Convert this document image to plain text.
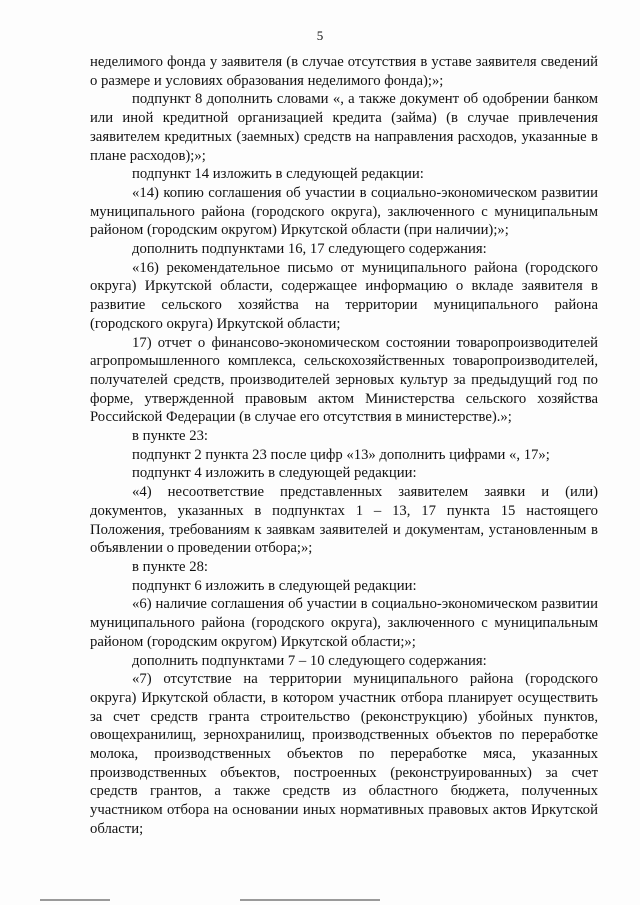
5

неделимого фонда у заявителя (в случае отсутствия в уставе заявителя сведений о размере и условиях образования неделимого фонда);»;

подпункт 8 дополнить словами «, а также документ об одобрении банком или иной кредитной организацией кредита (займа) (в случае привлечения заявителем кредитных (заемных) средств на направления расходов, указанные в плане расходов);»;

подпункт 14 изложить в следующей редакции:

«14) копию соглашения об участии в социально-экономическом развитии муниципального района (городского округа), заключенного с муниципальным районом (городским округом) Иркутской области (при наличии);»;

дополнить подпунктами 16, 17 следующего содержания:

«16) рекомендательное письмо от муниципального района (городского округа) Иркутской области, содержащее информацию о вкладе заявителя в развитие сельского хозяйства на территории муниципального района (городского округа) Иркутской области;

17) отчет о финансово-экономическом состоянии товаропроизводителей агропромышленного комплекса, сельскохозяйственных товаропроизводителей, получателей средств, производителей зерновых культур за предыдущий год по форме, утвержденной правовым актом Министерства сельского хозяйства Российской Федерации (в случае его отсутствия в министерстве).»;

в пункте 23:

подпункт 2 пункта 23 после цифр «13» дополнить цифрами «, 17»;

подпункт 4 изложить в следующей редакции:

«4) несоответствие представленных заявителем заявки и (или) документов, указанных в подпунктах 1 – 13, 17 пункта 15 настоящего Положения, требованиям к заявкам заявителей и документам, установленным в объявлении о проведении отбора;»;

в пункте 28:

подпункт 6 изложить в следующей редакции:

«6) наличие соглашения об участии в социально-экономическом развитии муниципального района (городского округа), заключенного с муниципальным районом (городским округом) Иркутской области;»;

дополнить подпунктами 7 – 10 следующего содержания:

«7) отсутствие на территории муниципального района (городского округа) Иркутской области, в котором участник отбора планирует осуществить за счет средств гранта строительство (реконструкцию) убойных пунктов, овощехранилищ, зернохранилищ, производственных объектов по переработке молока, производственных объектов по переработке мяса, указанных производственных объектов, построенных (реконструированных) за счет средств грантов, а также средств из областного бюджета, полученных участником отбора на основании иных нормативных правовых актов Иркутской области;
